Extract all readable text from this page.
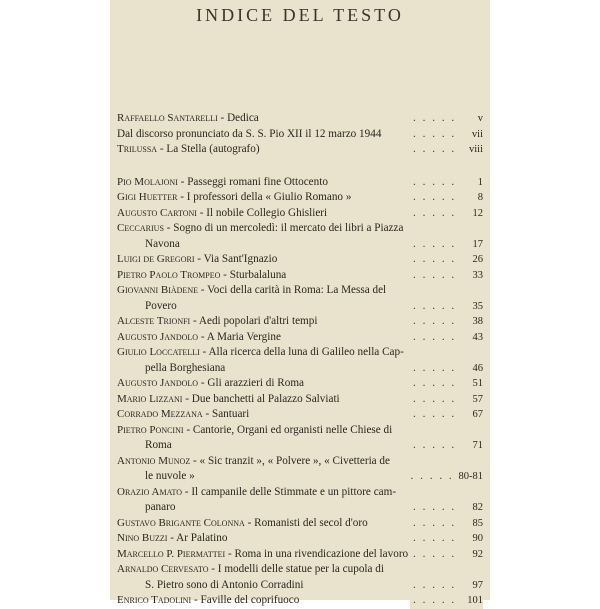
INDICE DEL TESTO
Raffaello Santarelli - Dedica	. . . . . v
Dal discorso pronunciato da S. S. Pio XII il 12 marzo 1944	. . . . . vii
Trilussa - La Stella (autografo)	. . . . . viii
Pio Molajoni - Passeggi romani fine Ottocento	. . . . . 1
Gigi Huetter - I professori della « Giulio Romano »	. . . . . 8
Augusto Cartoni - Il nobile Collegio Ghislieri	. . . . . 12
Ceccarius - Sogno di un mercoledì: il mercato dei libri a Piazza
Navona	. . . . . 17
Luigi de Gregori - Via Sant'Ignazio	. . . . . 26
Pietro Paolo Trompeo - Sturbalaluna	. . . . . 33
Giovanni Biàdene - Voci della carità in Roma: La Messa del
Povero	. . . . . 35
Alceste Trionfi - Aedi popolari d'altri tempi	. . . . . 38
Augusto Jandolo - A Maria Vergine	. . . . . 43
Giulio Loccatelli - Alla ricerca della luna di Galileo nella Cap-
pella Borghesiana	. . . . . 46
Augusto Jandolo - Gli arazzieri di Roma	. . . . . 51
Mario Lizzani - Due banchetti al Palazzo Salviati	. . . . . 57
Corrado Mezzana - Santuari	. . . . . 67
Pietro Poncini - Cantorie, Organi ed organisti nelle Chiese di
Roma	. . . . . 71
Antonio Munoz - « Sic tranzit », « Polvere », « Civetteria de
le nuvole »	. . . . . 80-81
Orazio Amato - Il campanile delle Stimmate e un pittore cam-
panaro	. . . . . 82
Gustavo Brigante Colonna - Romanisti del secol d'oro	. . . . . 85
Nino Buzzi - Ar Palatino	. . . . . 90
Marcello P. Piermattei - Roma in una rivendicazione del lavoro . . . . . 92
Arnaldo Cervesato - I modelli delle statue per la cupola di
S. Pietro sono di Antonio Corradini	. . . . . 97
Enrico Tadolini - Faville del coprifuoco	. . . . . 101
